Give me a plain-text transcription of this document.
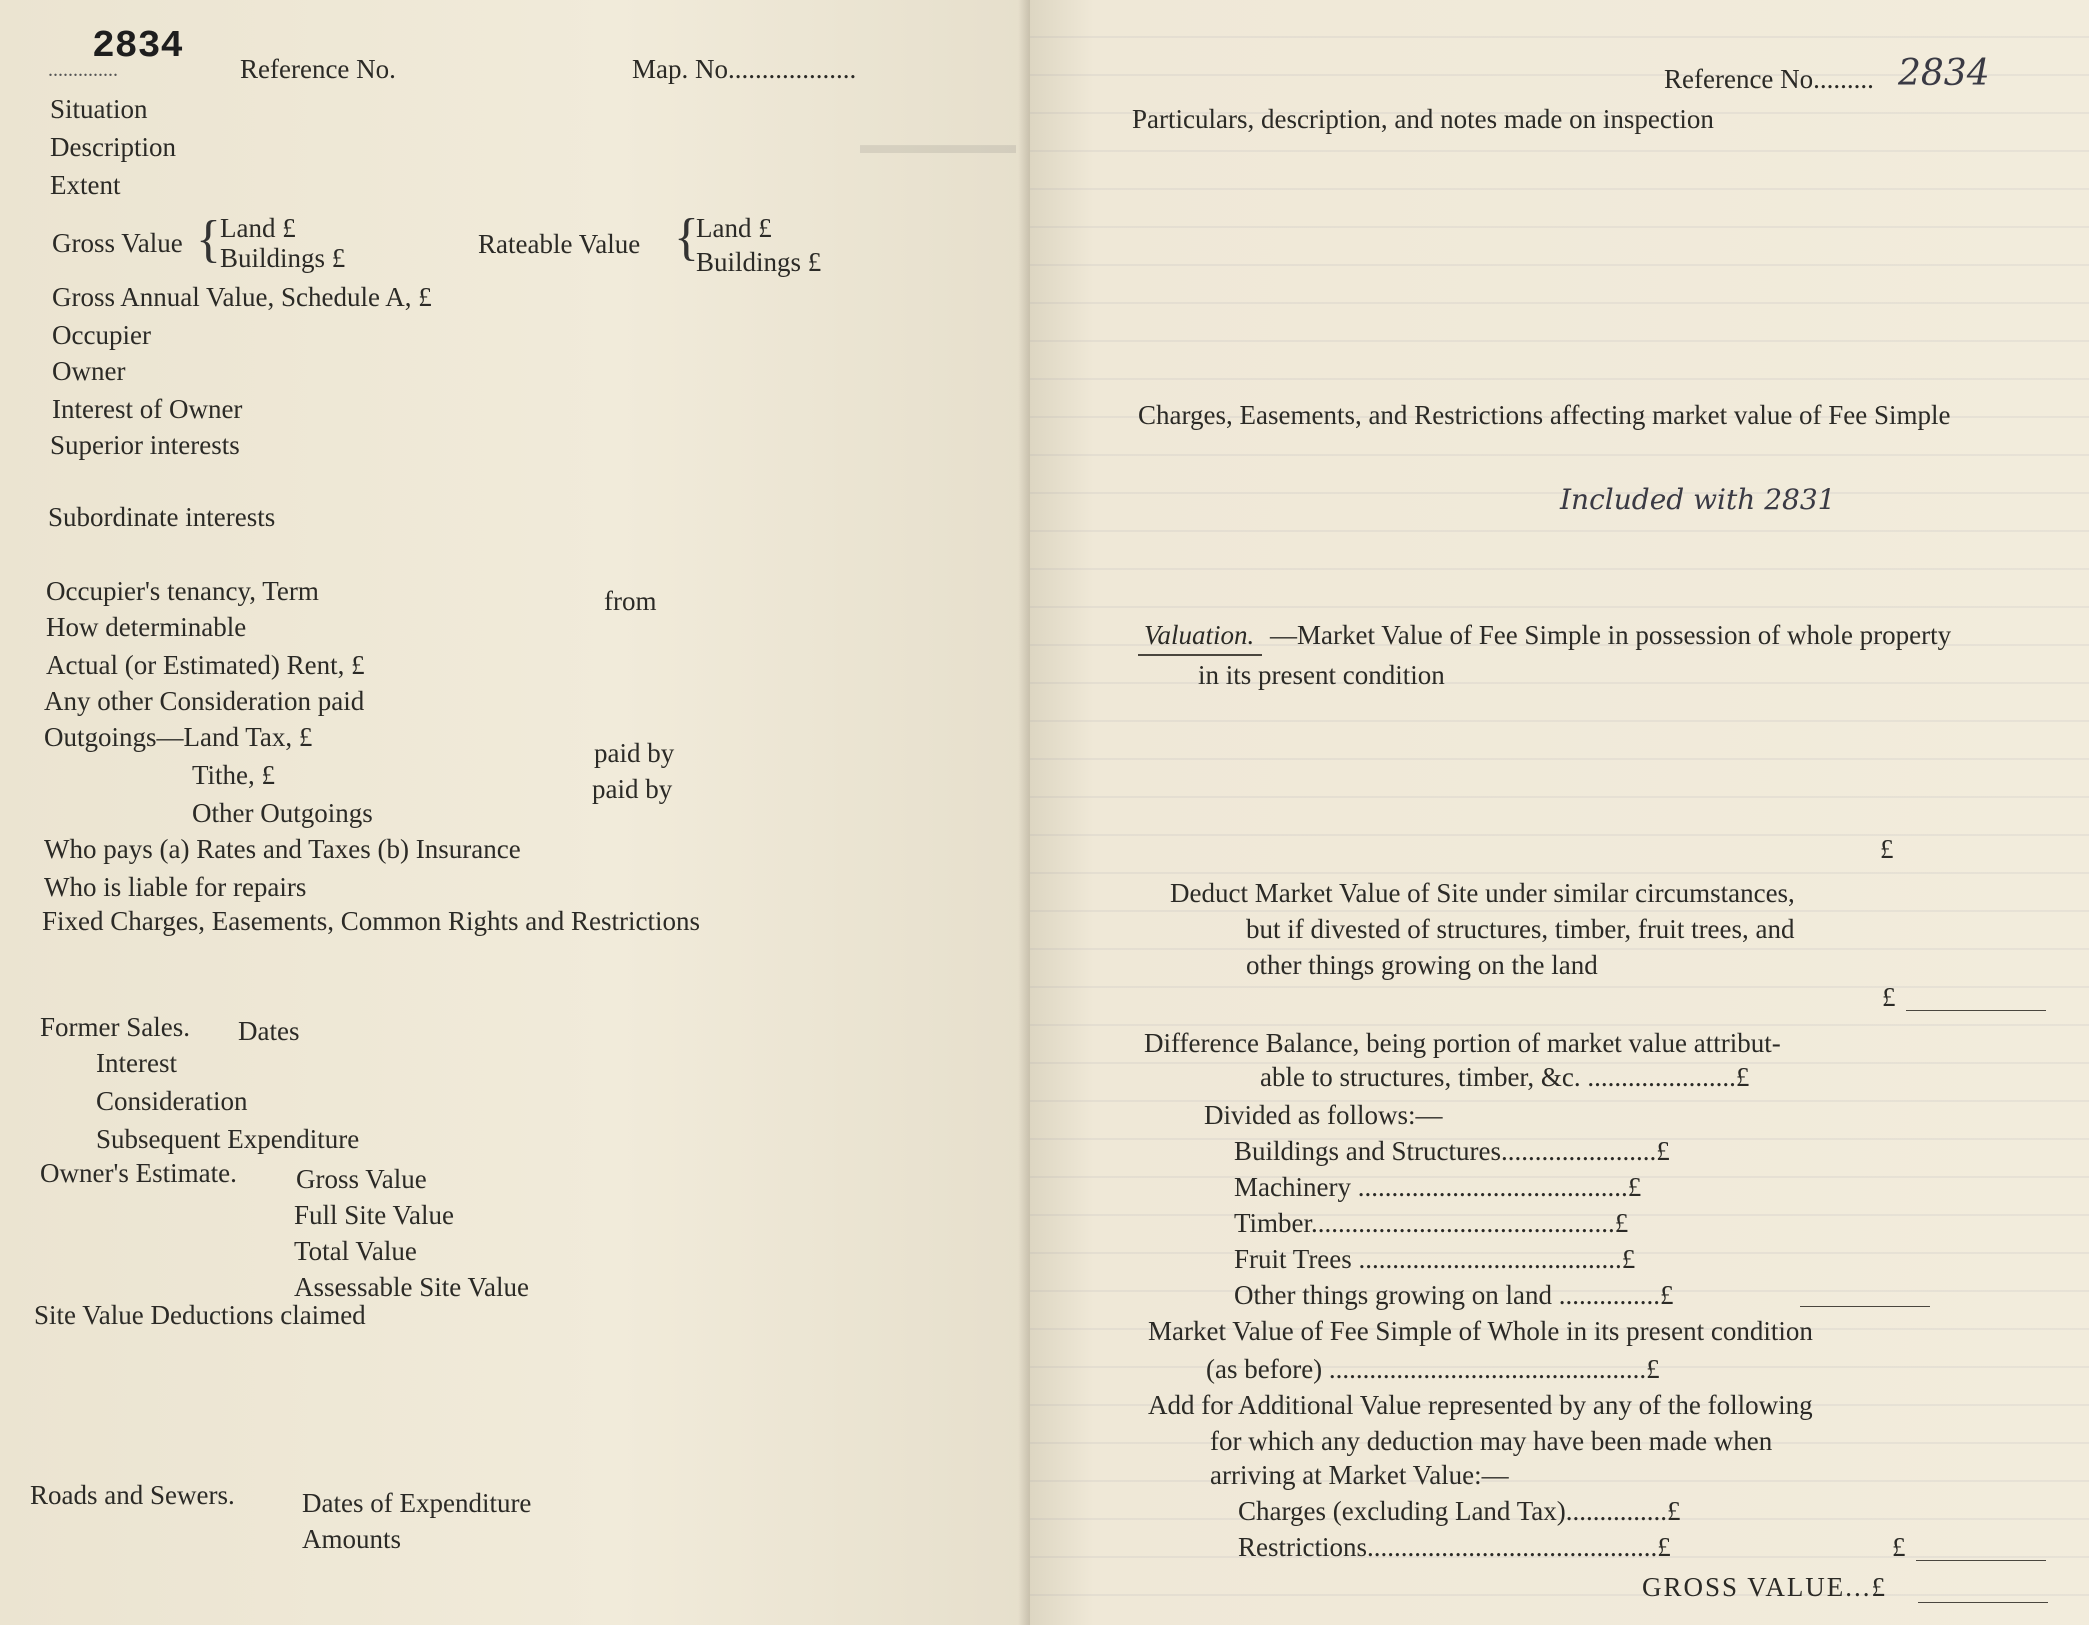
▬▬▬▬▬▬
2834
..............	Reference No.	Map. No...................
Situation
Description
Extent
Gross Value { Land £
Buildings £	Rateable Value {
Land £
Buildings £
Gross Annual Value, Schedule A, £
Occupier
Owner
Interest of Owner
Superior interests
Subordinate interests
Occupier's tenancy, Term	from
How determinable
Actual (or Estimated) Rent, £
Any other Consideration paid
Outgoings—Land Tax, £
paid by
Tithe, £	paid by
Other Outgoings
Who pays (a) Rates and Taxes (b) Insurance
Who is liable for repairs
Fixed Charges, Easements, Common Rights and Restrictions
Former Sales. Dates
Interest
Consideration
Subsequent Expenditure
Owner's Estimate. Gross Value
Full Site Value
Total Value
Assessable Site Value
Site Value Deductions claimed
Roads and Sewers. Dates of Expenditure
Amounts
Reference No......... 2834
Particulars, description, and notes made on inspection
Charges, Easements, and Restrictions affecting market value of Fee Simple
Included with 2831
Valuation. —Market Value of Fee Simple in possession of whole property
in its present condition
£
Deduct Market Value of Site under similar circumstances,
but if divested of structures, timber, fruit trees, and
other things growing on the land
£
Difference Balance, being portion of market value attribut-
able to structures, timber, &c. ......................£
Divided as follows:—
Buildings and Structures.......................£
Machinery ........................................£
Timber.............................................£
Fruit Trees .......................................£
Other things growing on land ...............£
Market Value of Fee Simple of Whole in its present condition
(as before) ...............................................£
Add for Additional Value represented by any of the following
for which any deduction may have been made when
arriving at Market Value:—
Charges (excluding Land Tax)...............£
Restrictions...........................................£	£
GROSS VALUE...£
